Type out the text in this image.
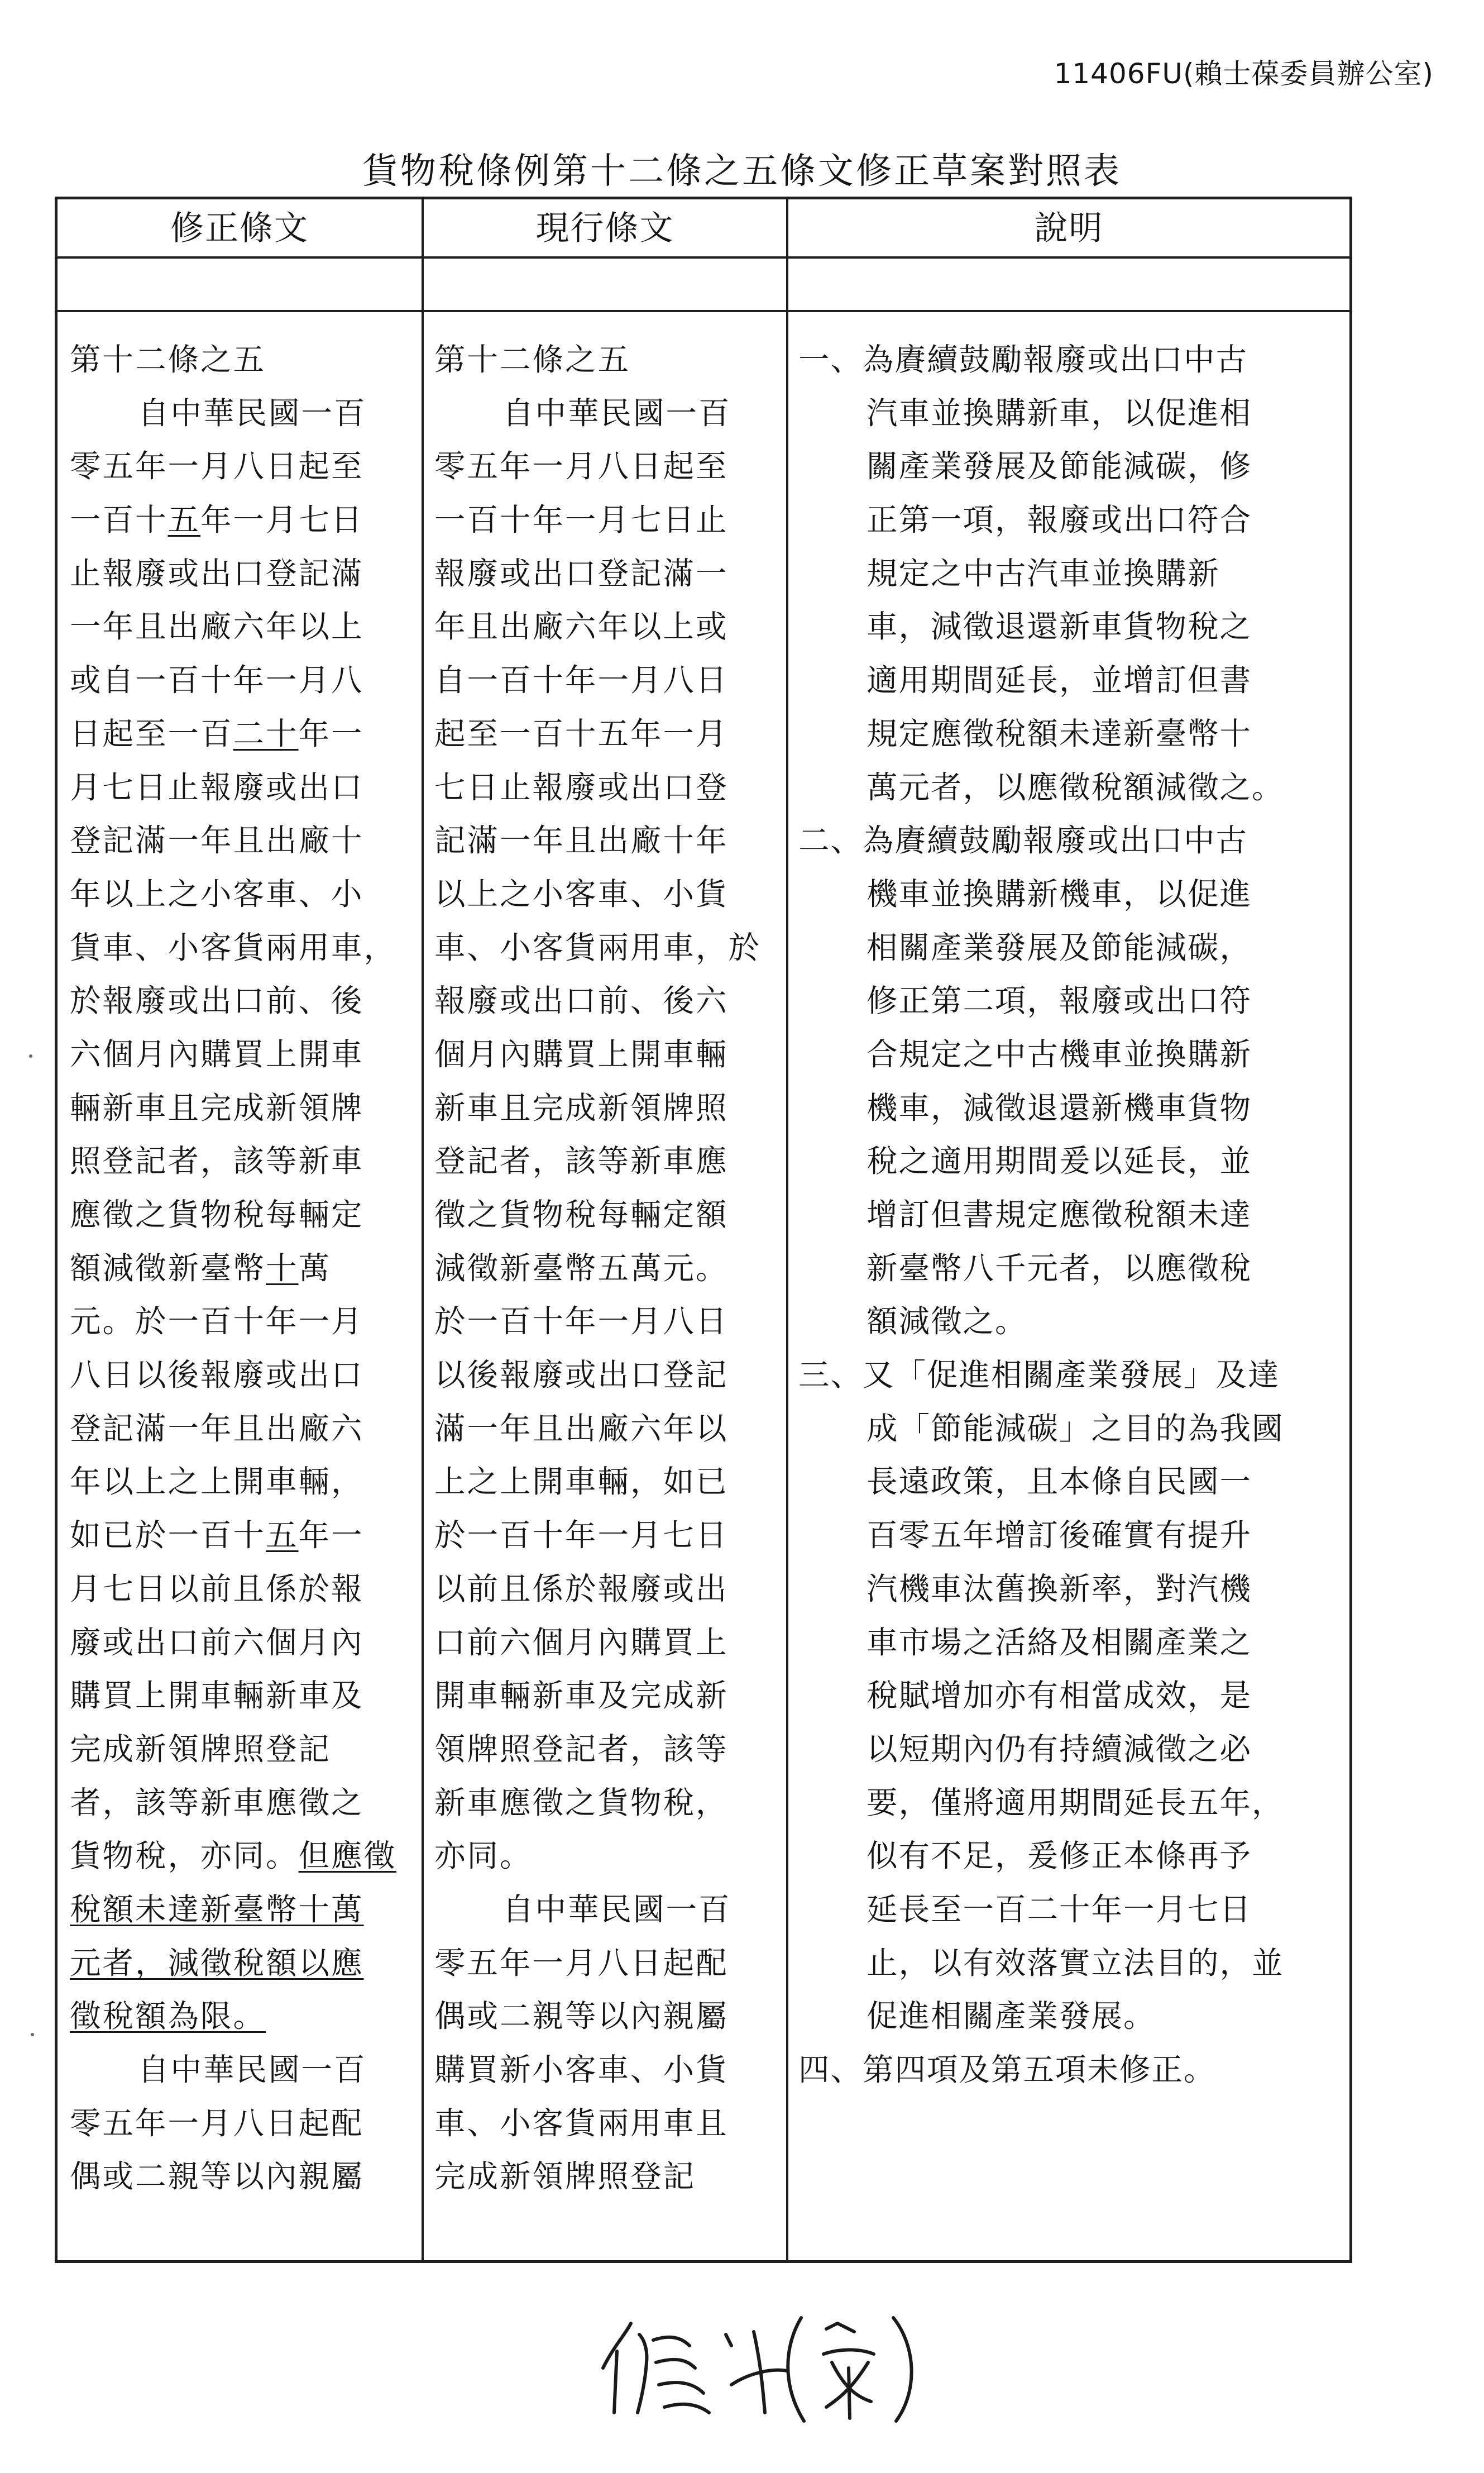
11406FU(賴士葆委員辦公室)
貨物稅條例第十二條之五條文修正草案對照表
修正條文	現行條文	說明
第十二條之五
自中華民國一百
零五年一月八日起至
一百十五年一月七日
止報廢或出口登記滿
一年且出廠六年以上
或自一百十年一月八
日起至一百二十年一
月七日止報廢或出口
登記滿一年且出廠十
年以上之小客車、小
貨車、小客貨兩用車，
於報廢或出口前、後
六個月內購買上開車
輛新車且完成新領牌
照登記者，該等新車
應徵之貨物稅每輛定
額減徵新臺幣十萬
元。於一百十年一月
八日以後報廢或出口
登記滿一年且出廠六
年以上之上開車輛，
如已於一百十五年一
月七日以前且係於報
廢或出口前六個月內
購買上開車輛新車及
完成新領牌照登記
者，該等新車應徵之
貨物稅，亦同。但應徵
稅額未達新臺幣十萬
元者，減徵稅額以應
徵稅額為限。
自中華民國一百
零五年一月八日起配
偶或二親等以內親屬
第十二條之五
自中華民國一百
零五年一月八日起至
一百十年一月七日止
報廢或出口登記滿一
年且出廠六年以上或
自一百十年一月八日
起至一百十五年一月
七日止報廢或出口登
記滿一年且出廠十年
以上之小客車、小貨
車、小客貨兩用車，於
報廢或出口前、後六
個月內購買上開車輛
新車且完成新領牌照
登記者，該等新車應
徵之貨物稅每輛定額
減徵新臺幣五萬元。
於一百十年一月八日
以後報廢或出口登記
滿一年且出廠六年以
上之上開車輛，如已
於一百十年一月七日
以前且係於報廢或出
口前六個月內購買上
開車輛新車及完成新
領牌照登記者，該等
新車應徵之貨物稅，
亦同。
自中華民國一百
零五年一月八日起配
偶或二親等以內親屬
購買新小客車、小貨
車、小客貨兩用車且
完成新領牌照登記
一、為賡續鼓勵報廢或出口中古
汽車並換購新車，以促進相
關產業發展及節能減碳，修
正第一項，報廢或出口符合
規定之中古汽車並換購新
車，減徵退還新車貨物稅之
適用期間延長，並增訂但書
規定應徵稅額未達新臺幣十
萬元者，以應徵稅額減徵之。
二、為賡續鼓勵報廢或出口中古
機車並換購新機車，以促進
相關產業發展及節能減碳，
修正第二項，報廢或出口符
合規定之中古機車並換購新
機車，減徵退還新機車貨物
稅之適用期間爰以延長，並
增訂但書規定應徵稅額未達
新臺幣八千元者，以應徵稅
額減徵之。
三、又「促進相關產業發展」及達
成「節能減碳」之目的為我國
長遠政策，且本條自民國一
百零五年增訂後確實有提升
汽機車汰舊換新率，對汽機
車市場之活絡及相關產業之
稅賦增加亦有相當成效，是
以短期內仍有持續減徵之必
要，僅將適用期間延長五年，
似有不足，爰修正本條再予
延長至一百二十年一月七日
止，以有效落實立法目的，並
促進相關產業發展。
四、第四項及第五項未修正。
